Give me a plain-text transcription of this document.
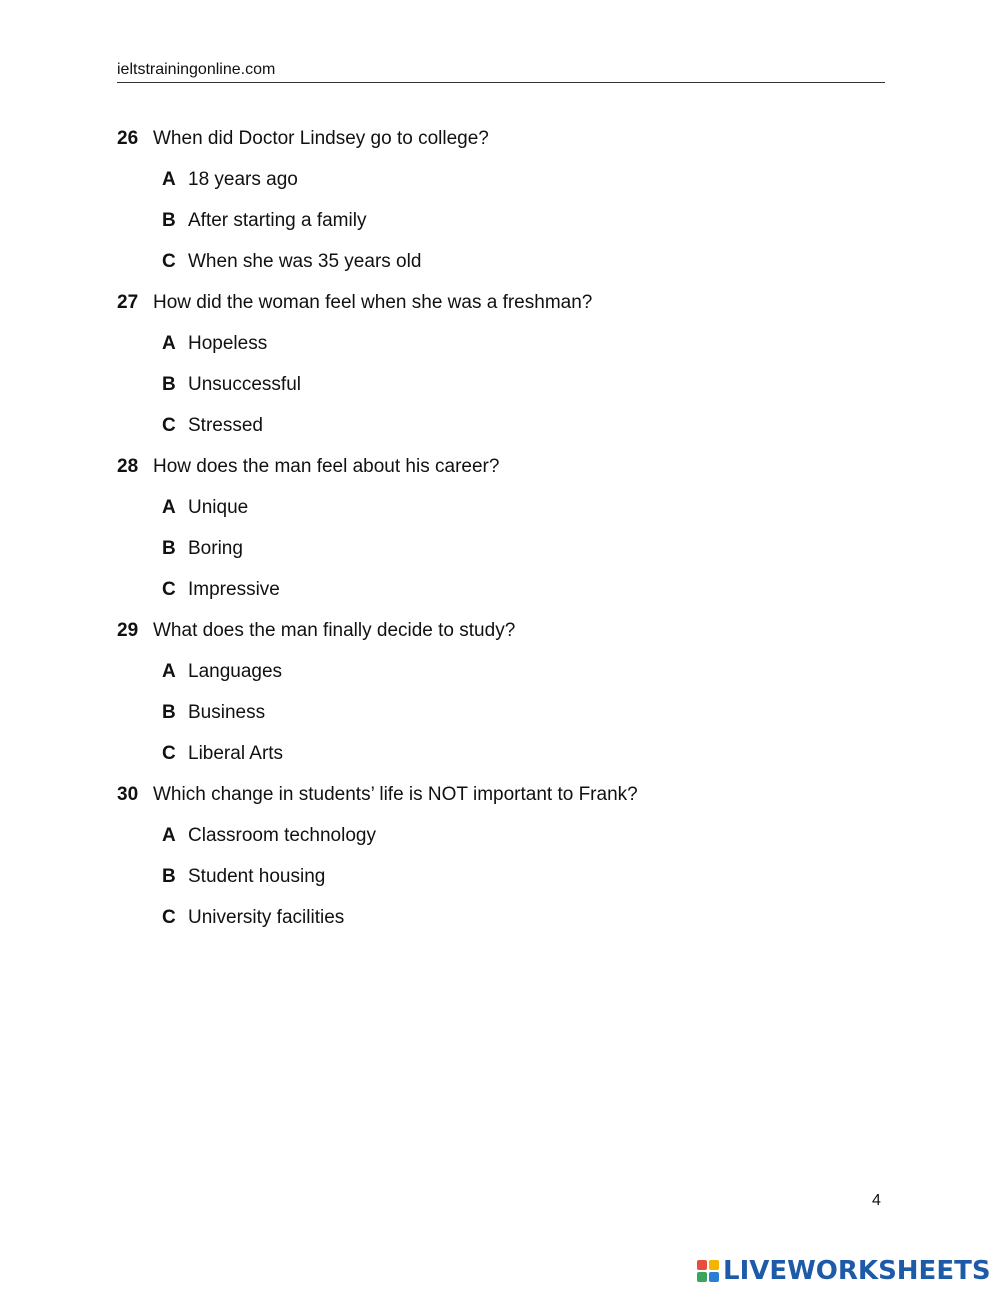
ieltstrainingonline.com
26 When did Doctor Lindsey go to college?
A 18 years ago
B After starting a family
C When she was 35 years old
27 How did the woman feel when she was a freshman?
A Hopeless
B Unsuccessful
C Stressed
28 How does the man feel about his career?
A Unique
B Boring
C Impressive
29 What does the man finally decide to study?
A Languages
B Business
C Liberal Arts
30 Which change in students’ life is NOT important to Frank?
A Classroom technology
B Student housing
C University facilities
4
LIVEWORKSHEETS
